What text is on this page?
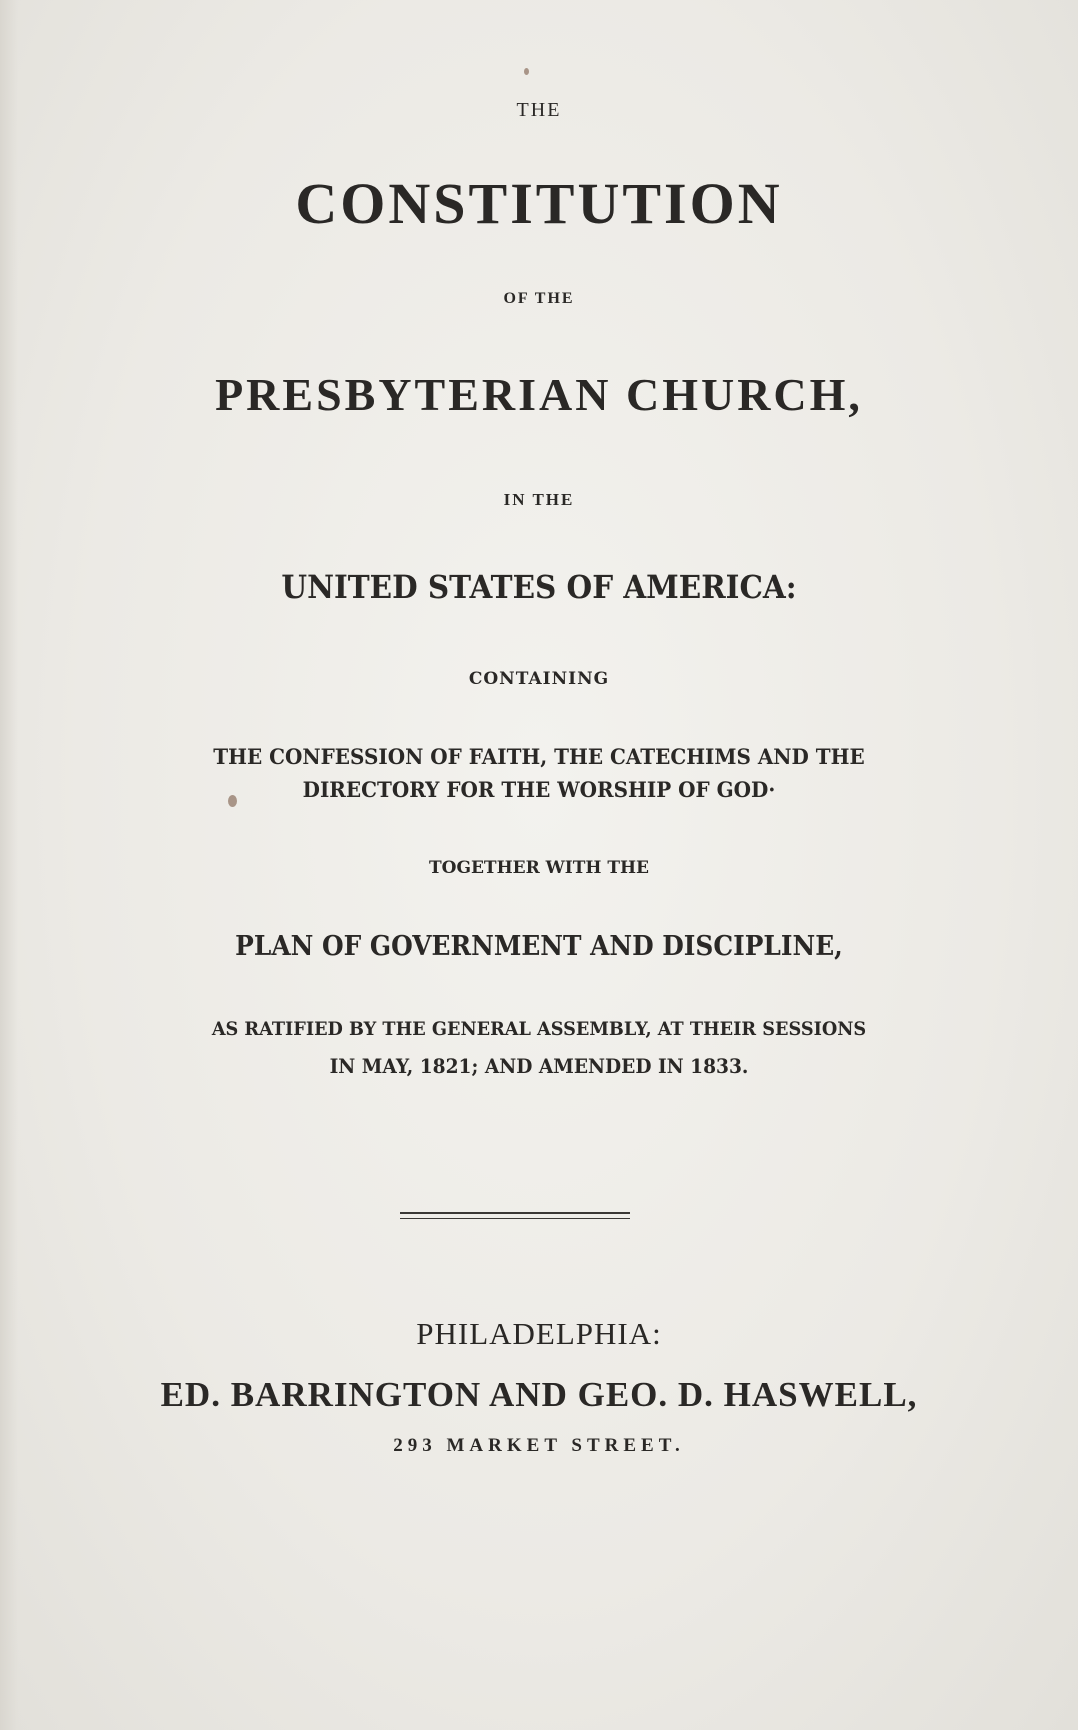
THE
CONSTITUTION
OF THE
PRESBYTERIAN CHURCH,
IN THE
UNITED STATES OF AMERICA:
CONTAINING
THE CONFESSION OF FAITH, THE CATECHIMS AND THE
DIRECTORY FOR THE WORSHIP OF GOD·
TOGETHER WITH THE
PLAN OF GOVERNMENT AND DISCIPLINE,
AS RATIFIED BY THE GENERAL ASSEMBLY, AT THEIR SESSIONS
IN MAY, 1821; AND AMENDED IN 1833.
PHILADELPHIA:
ED. BARRINGTON AND GEO. D. HASWELL,
293 MARKET STREET.
